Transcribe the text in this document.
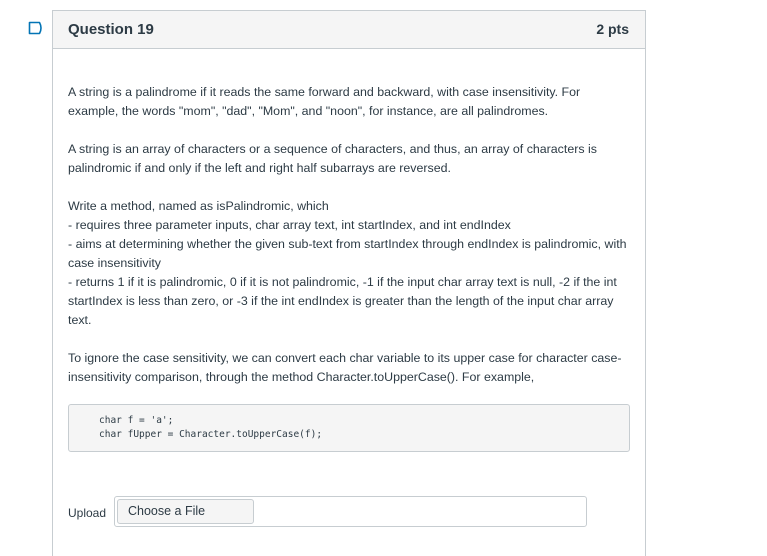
Question 19	2 pts

A string is a palindrome if it reads the same forward and backward, with case insensitivity. For example, the words "mom", "dad", "Mom", and "noon", for instance, are all palindromes.

A string is an array of characters or a sequence of characters, and thus, an array of characters is palindromic if and only if the left and right half subarrays are reversed.

Write a method, named as isPalindromic, which
- requires three parameter inputs, char array text, int startIndex, and int endIndex
- aims at determining whether the given sub-text from startIndex through endIndex is palindromic, with case insensitivity
- returns 1 if it is palindromic, 0 if it is not palindromic, -1 if the input char array text is null, -2 if the int startIndex is less than zero, or -3 if the int endIndex is greater than the length of the input char array text.

To ignore the case sensitivity, we can convert each char variable to its upper case for character case-insensitivity comparison, through the method Character.toUpperCase(). For example,

char f = 'a';
char fUpper = Character.toUpperCase(f);
Upload	Choose a File
